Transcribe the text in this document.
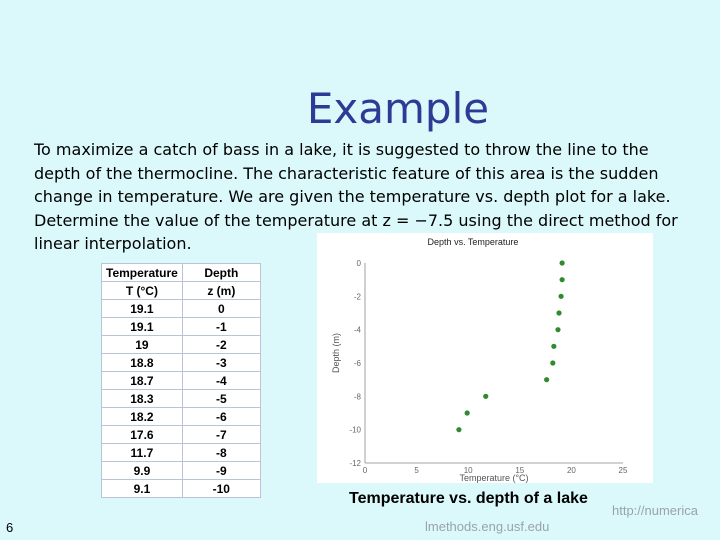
Example
To maximize a catch of bass in a lake, it is suggested to throw the line to the depth of the thermocline. The characteristic feature of this area is the sudden change in temperature. We are given the temperature vs. depth plot for a lake. Determine the value of the temperature at z = −7.5 using the direct method for linear interpolation.
Temperature	Depth
T (°C)	z (m)
19.1	0
19.1	-1
19	-2
18.8	-3
18.7	-4
18.3	-5
18.2	-6
17.6	-7
11.7	-8
9.9	-9
9.1	-10
Depth vs. Temperature
0	5	10	15	20	25
0
-2
-4
-6
-8
-10
-12
Temperature (°C)
Depth (m)
Temperature vs. depth of a lake
6
http://numerica
lmethods.eng.usf.edu
